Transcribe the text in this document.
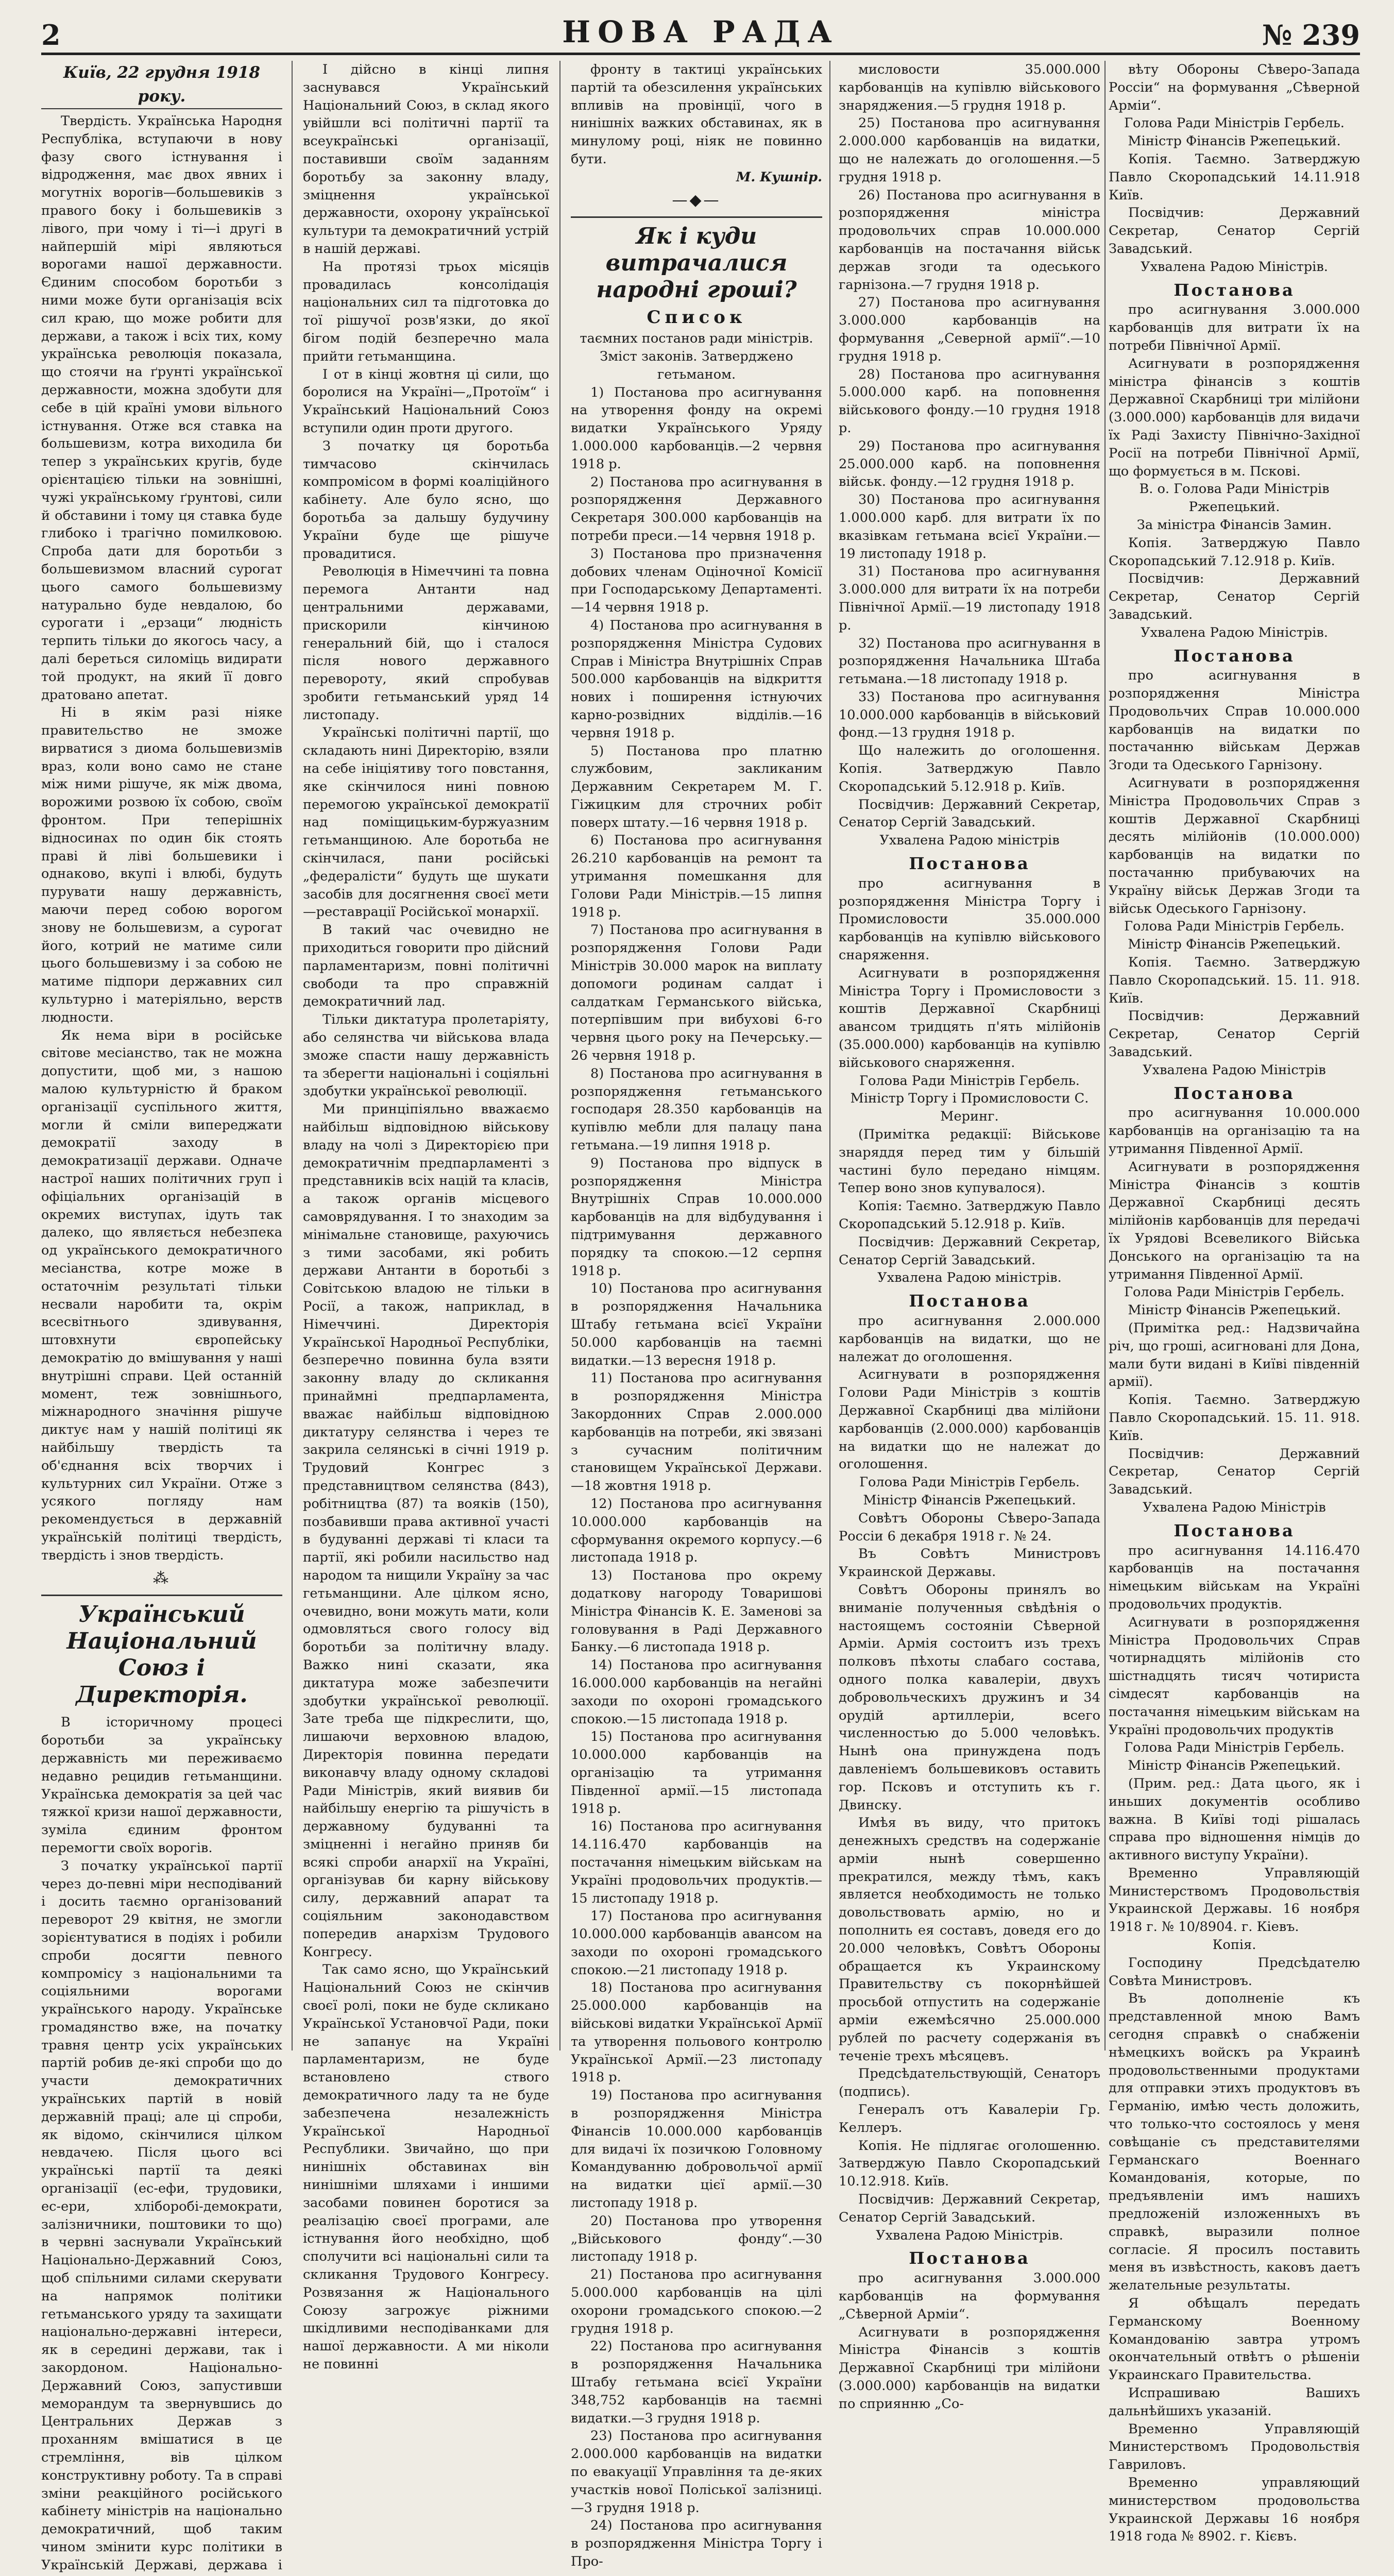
2	НОВА РАДА	№ 239
Київ, 22 грудня 1918 року.

Твердість. Українська Народня Республіка, вступаючи в нову фазу свого істнування і відродження, має двох явних і могутніх ворогів—большевиків з правого боку і большевиків з лівого, при чому і ті—і другі в найпершій мірі являються ворогами нашої державности. Єдиним способом боротьби з ними може бути організація всіх сил краю, що може робити для держави, а також і всіх тих, кому українська революція показала, що стоячи на ґрунті української державности, можна здобути для себе в цій країні умови вільного істнування. Отже вся ставка на большевизм, котра виходила би тепер з українських кругів, буде орієнтацією тільки на зовнішні, чужі українському ґрунтові, сили й обставини і тому ця ставка буде глибоко і трагічно помилковою. Спроба дати для боротьби з большевизмом власний сурогат цього самого большевизму натурально буде невдалою, бо сурогати і „ерзаци“ людність терпить тільки до якогось часу, а далі береться силоміць видирати той продукт, на який її довго дратовано апетат.

Ні в якім разі ніяке правительство не зможе вирватися з диома большевизмів враз, коли воно само не стане між ними рішуче, як між двома, ворожими розвою їх собою, своїм фронтом. При теперішніх відносинах по один бік стоять праві й ліві большевики і однаково, вкупі і влюбі, будуть пурувати нашу державність, маючи перед собою ворогом знову не большевизм, а сурогат його, котрий не матиме сили цього большевизму і за собою не матиме підпори державних сил культурно і матеріяльно, верств людности.

Як нема віри в російське світове месіанство, так не можна допустити, щоб ми, з нашою малою культурністю й браком організації суспільного життя, могли й сміли випереджати демократії заходу в демократизації держави. Одначе настрої наших політичних груп і офіціальних організацій в окремих виступах, ідуть так далеко, що являється небезпека од українського демократичного месіанства, котре може в остаточнім результаті тільки несвали наробити та, окрім всесвітнього здивування, штовхнути європейську демократію до вмішування у наші внутрішні справи. Цей останній момент, теж зовнішнього, міжнародного значіння рішуче диктує нам у нашій політиці як найбільшу твердість та об'єднання всіх творчих і культурних сил України. Отже з усякого погляду нам рекомендується в державній українській політиці твердість, твердість і знов твердість.

⁂
Український Національний Союз і Директорія.

В історичному процесі боротьби за українську державність ми переживаємо недавно рецидив гетьманщини. Українська демократія за цей час тяжкої кризи нашої державности, зуміла єдиним фронтом перемогти своїх ворогів.

З початку української партії через до-певні міри несподіваний і досить таємно організований переворот 29 квітня, не змогли зорієнтуватися в подіях і робили спроби досягти певного компромісу з національними та соціяльними ворогами українського народу. Українське громадянство вже, на початку травня центр усіх українських партій робив де-які спроби що до участи демократичних українських партій в новій державній праці; але ці спроби, як відомо, скінчилися цілком невдачею. Після цього всі українські партії та деякі організації (ес-ефи, трудовики, ес-ери, хліборобі-демократи, залізничники, поштовики то що) в червні заснували Український Національно-Державний Союз, щоб спільними силами скерувати на напрямок політики гетьманського уряду та захищати національно-державні інтереси, як в середині держави, так і закордоном. Національно-Державний Союз, запустивши меморандум та звернувшись до Центральних Держав з проханням вмішатися в це стремління, вів цілком конструктивну роботу. Та в справі зміни реакційного російського кабінету міністрів на національно демократичний, щоб таким чином змінити курс політики в Українській Державі, держава і

І дійсно в кінці липня заснувався Український Національний Союз, в склад якого увійшли всі політичні партії та всеукраїнські організації, поставивши своїм заданням боротьбу за законну владу, зміцнення української державности, охорону української культури та демократичний устрій в нашій державі.

На протязі трьох місяців провадилась консолідація національних сил та підготовка до тої рішучої розв'язки, до якої бігом подій безперечно мала прийти гетьманщина.

І от в кінці жовтня ці сили, що боролися на Україні—„Протоїм“ і Український Національний Союз вступили один проти другого.

З початку ця боротьба тимчасово скінчилась компромісом в формі коаліційного кабінету. Але було ясно, що боротьба за дальшу будучину України буде ще рішуче провадитися.

Революція в Німеччині та повна перемога Антанти над центральними державами, прискорили кінчиною генеральний бій, що і сталося після нового державного перевороту, який спробував зробити гетьманський уряд 14 листопаду.

Українські політичні партії, що складають нині Директорію, взяли на себе ініціятиву того повстання, яке скінчилося нині повною перемогою української демократії над поміщицьким-буржуазним гетьманщиною. Але боротьба не скінчилася, пани російські „федералісти“ будуть ще шукати засобів для досягнення своєї мети—реставрації Російської монархії.

В такий час очевидно не приходиться говорити про дійсний парламентаризм, повні політичні свободи та про справжній демократичний лад.

Тільки диктатура пролетаріяту, або селянства чи військова влада зможе спасти нашу державність та зберегти національні і соціяльні здобутки української революції.

Ми принціпіяльно вважаємо найбільш відповідною військову владу на чолі з Директорією при демократичнім предпарламенті з представників всіх націй та класів, а також органів місцевого самоврядування. І то знаходим за мінімальне становище, рахуючись з тими засобами, які робить держави Антанти в боротьбі з Совітською владою не тільки в Росії, а також, наприклад, в Німеччині. Директорія Української Народньої Республіки, безперечно повинна була взяти законну владу до скликання принаймні предпарламента, вважає найбільш відповідною диктатуру селянства і через те закрила селянські в січні 1919 р. Трудовий Конгрес з представництвом селянства (843), робітництва (87) та вояків (150), позбавивши права активної участі в будуванні державі ті класи та партії, які робили насильство над народом та нищили Україну за час гетьманщини. Але цілком ясно, очевидно, вони можуть мати, коли одмовляться свого голосу від боротьби за політичну владу. Важко нині сказати, яка диктатура може забезпечити здобутки української революції. Зате треба ще підкреслити, що, лишаючи верховною владою, Директорія повинна передати виконавчу владу одному складові Ради Міністрів, який виявив би найбільшу енергію та рішучість в державному будуванні та зміцненні і негайно приняв би всякі спроби анархії на Україні, організував би карну військову силу, державний апарат та соціяльним законодавством попередив анархізм Трудового Конгресу.

Так само ясно, що Український Національний Союз не скінчив своєї ролі, поки не буде скликано Української Установчої Ради, поки не запанує на Україні парламентаризм, не буде встановлено ствого демократичного ладу та не буде забезпечена незалежність Української Народньої Республики. Звичайно, що при нинішніх обставинах він нинішніми шляхами і иншими засобами повинен боротися за реалізацію своєї програми, але істнування його необхідно, щоб сполучити всі національні сили та скликання Трудового Конгресу. Розвязання ж Національного Союзу загрожує ріжними шкідливими несподіванками для нашої державности. А ми ніколи не повинні

фронту в тактиці українських партій та обезсилення українських впливів на провінції, чого в нинішніх важких обставинах, як в минулому році, ніяк не повинно бути.

М. Кушнір.

—◆—
Як і куди витрачалися народні гроші?
Список

таємних постанов ради міністрів. Зміст законів. Затверджено гетьманом.

1) Постанова про асигнування на утворення фонду на окремі видатки Українського Уряду 1.000.000 карбованців.—2 червня 1918 р.

2) Постанова про асигнування в розпорядження Державного Секретаря 300.000 карбованців на потреби преси.—14 червня 1918 р.

3) Постанова про призначення добових членам Оціночної Комісії при Господарському Департаменті.—14 червня 1918 р.

4) Постанова про асигнування в розпорядження Міністра Судових Справ і Міністра Внутрішніх Справ 500.000 карбованців на відкриття нових і поширення істнуючих карно-розвідних відділів.—16 червня 1918 р.

5) Постанова про платню службовим, закликаним Державним Секретарем М. Г. Гіжицким для строчних робіт поверх штату.—16 червня 1918 р.

6) Постанова про асигнування 26.210 карбованців на ремонт та утримання помешкання для Голови Ради Міністрів.—15 липня 1918 р.

7) Постанова про асигнування в розпорядження Голови Ради Міністрів 30.000 марок на виплату допомоги родинам салдат і салдаткам Германського війська, потерпівшим при вибухові 6-го червня цього року на Печерську.—26 червня 1918 р.

8) Постанова про асигнування в розпорядження гетьманського господаря 28.350 карбованців на купівлю мебли для палацу пана гетьмана.—19 липня 1918 р.

9) Постанова про відпуск в розпорядження Міністра Внутрішніх Справ 10.000.000 карбованців на для відбудування і підтримування державного порядку та спокою.—12 серпня 1918 р.

10) Постанова про асигнування в розпорядження Начальника Штабу гетьмана всієї України 50.000 карбованців на таємні видатки.—13 вересня 1918 р.

11) Постанова про асигнування в розпорядження Міністра Закордонних Справ 2.000.000 карбованців на потреби, які звязані з сучасним політичним становищем Української Держави.—18 жовтня 1918 р.

12) Постанова про асигнування 10.000.000 карбованців на сформування окремого корпусу.—6 листопада 1918 р.

13) Постанова про окрему додаткову нагороду Товаришові Міністра Фінансів К. Е. Заменові за головування в Раді Державного Банку.—6 листопада 1918 р.

14) Постанова про асигнування 16.000.000 карбованців на негайні заходи по охороні громадського спокою.—15 листопада 1918 р.

15) Постанова про асигнування 10.000.000 карбованців на організацію та утримання Південної армії.—15 листопада 1918 р.

16) Постанова про асигнування 14.116.470 карбованців на постачання німецьким військам на Україні продовольчих продуктів.—15 листопаду 1918 р.

17) Постанова про асигнування 10.000.000 карбованців авансом на заходи по охороні громадського спокою.—21 листопаду 1918 р.

18) Постанова про асигнування 25.000.000 карбованців на військові видатки Української Армії та утворення польового контролю Української Армії.—23 листопаду 1918 р.

19) Постанова про асигнування в розпорядження Міністра Фінансів 10.000.000 карбованців для видачі їх позичкою Головному Командуванню добровольчої армії на видатки цієї армії.—30 листопаду 1918 р.

20) Постанова про утворення „Військового фонду“.—30 листопаду 1918 р.

21) Постанова про асигнування 5.000.000 карбованців на цілі охорони громадського спокою.—2 грудня 1918 р.

22) Постанова про асигнування в розпорядження Начальника Штабу гетьмана всієї України 348,752 карбованців на таємні видатки.—3 грудня 1918 р.

23) Постанова про асигнування 2.000.000 карбованців на видатки по евакуації Управління та де-яких участків нової Поліської залізниці.—3 грудня 1918 р.

24) Постанова про асигнування в розпорядження Міністра Торгу і Про-

мисловости 35.000.000 карбованців на купівлю військового знаряджения.—5 грудня 1918 р.

25) Постанова про асигнування 2.000.000 карбованців на видатки, що не належать до оголошення.—5 грудня 1918 р.

26) Постанова про асигнування в розпорядження міністра продовольчих справ 10.000.000 карбованців на постачання військ держав згоди та одеського гарнізона.—7 грудня 1918 р.

27) Постанова про асигнування 3.000.000 карбованців на формування „Северной армії“.—10 грудня 1918 р.

28) Постанова про асигнування 5.000.000 карб. на поповнення військового фонду.—10 грудня 1918 р.

29) Постанова про асигнування 25.000.000 карб. на поповнення військ. фонду.—12 грудня 1918 р.

30) Постанова про асигнування 1.000.000 карб. для витрати їх по вказівкам гетьмана всієї України.—19 листопаду 1918 р.

31) Постанова про асигнування 3.000.000 для витрати їх на потреби Північної Армії.—19 листопаду 1918 р.

32) Постанова про асигнування в розпорядження Начальника Штаба гетьмана.—18 листопаду 1918 р.

33) Постанова про асигнування 10.000.000 карбованців в військовий фонд.—13 грудня 1918 р.

Що належить до оголошення. Копія. Затверджую Павло Скоропадський 5.12.918 р. Київ.

Посвідчив: Державний Секретар, Сенатор Сергій Завадський.

Ухвалена Радою міністрів

Постанова

про асигнування в розпорядження Міністра Торгу і Промисловости 35.000.000 карбованців на купівлю військового снаряження.

Асигнувати в розпорядження Міністра Торгу і Промисловости з коштів Державної Скарбниці авансом тридцять п'ять мілійонів (35.000.000) карбованців на купівлю військового снаряження.

Голова Ради Міністрів Гербель.

Міністр Торгу і Промисловости С. Меринг.

(Примітка редакції: Військове знаряддя перед тим у більшій частині було передано німцям. Тепер воно знов купувалося).

Копія: Таємно. Затверджую Павло Скоропадський 5.12.918 р. Київ.

Посвідчив: Державний Секретар, Сенатор Сергій Завадський.

Ухвалена Радою міністрів.

Постанова

про асигнування 2.000.000 карбованців на видатки, що не належат до оголошення.

Асигнувати в розпорядження Голови Ради Міністрів з коштів Державної Скарбниці два мілійони карбованців (2.000.000) карбованців на видатки що не належат до оголошення.

Голова Ради Міністрів Гербель.

Міністр Фінансів Ржепецький.

Совѣтъ Обороны Сѣверо-Запада Россіи 6 декабря 1918 г. № 24.

Въ Совѣтъ Министровъ Украинской Державы.

Совѣтъ Обороны принялъ во вниманіе полученныя свѣдѣнія о настоящемъ состояніи Сѣверной Арміи. Армія состоитъ изъ трехъ полковъ пѣхоты слабаго состава, одного полка кавалеріи, двухъ добровольческихъ дружинъ и 34 орудій артиллеріи, всего численностью до 5.000 человѣкъ. Нынѣ она принуждена подъ давленіемъ большевиковъ оставить гор. Псковъ и отступить къ г. Двинску.

Имѣя въ виду, что притокъ денежныхъ средствъ на содержаніе арміи нынѣ совершенно прекратился, между тѣмъ, какъ является необходимость не только довольствовать армію, но и пополнить ея составъ, доведя его до 20.000 человѣкъ, Совѣтъ Обороны обращается къ Украинскому Правительству съ покорнѣйшей просьбой отпустить на содержаніе арміи ежемѣсячно 25.000.000 рублей по расчету содержанія въ теченіе трехъ мѣсяцевъ.

Предсѣдательствующій, Сенаторъ (подпись).

Генералъ отъ Кавалеріи Гр. Келлеръ.

Копія. Не підлягає оголошенню. Затверджую Павло Скоропадський 10.12.918. Київ.

Посвідчив: Державний Секретар, Сенатор Сергій Завадський.

Ухвалена Радою Міністрів.

Постанова

про асигнування 3.000.000 карбованців на формування „Сѣверной Арміи“.

Асигнувати в розпорядження Міністра Фінансів з коштів Державної Скарбниці три мілійони (3.000.000) карбованців на видатки по сприянню „Со-

вѣту Обороны Сѣверо-Запада Россіи“ на формування „Сѣверной Арміи“.

Голова Ради Міністрів Гербель.

Міністр Фінансів Ржепецький.

Копія. Таємно. Затверджую Павло Скоропадський 14.11.918 Київ.

Посвідчив: Державний Секретар, Сенатор Сергій Завадський.

Ухвалена Радою Міністрів.

Постанова

про асигнування 3.000.000 карбованців для витрати їх на потреби Північної Армії.

Асигнувати в розпорядження міністра фінансів з коштів Державної Скарбниці три мілійони (3.000.000) карбованців для видачи їх Раді Захисту Північно-Західної Росії на потреби Північної Армії, що формується в м. Пскові.

В. о. Голова Ради Міністрів Ржепецький.

За міністра Фінансів Замин.

Копія. Затверджую Павло Скоропадський 7.12.918 р. Київ.

Посвідчив: Державний Секретар, Сенатор Сергій Завадський.

Ухвалена Радою Міністрів.

Постанова

про асигнування в розпорядження Міністра Продовольчих Справ 10.000.000 карбованців на видатки по постачанню військам Держав Згоди та Одеського Гарнізону.

Асигнувати в розпорядження Міністра Продовольчих Справ з коштів Державної Скарбниці десять мілійонів (10.000.000) карбованців на видатки по постачанню прибуваючих на Україну військ Держав Згоди та військ Одеського Гарнізону.

Голова Ради Міністрів Гербель.

Міністр Фінансів Ржепецький.

Копія. Таємно. Затверджую Павло Скоропадський. 15. 11. 918. Київ.

Посвідчив: Державний Секретар, Сенатор Сергій Завадський.

Ухвалена Радою Міністрів

Постанова

про асигнування 10.000.000 карбованців на організацію та на утримання Південної Армії.

Асигнувати в розпорядження Міністра Фінансів з коштів Державної Скарбниці десять мілійонів карбованців для передачі їх Урядові Всевеликого Війська Донського на організацію та на утримання Південної Армії.

Голова Ради Міністрів Гербель.

Міністр Фінансів Ржепецький.

(Примітка ред.: Надзвичайна річ, що гроші, асигновані для Дона, мали бути видані в Київі південній армії).

Копія. Таємно. Затверджую Павло Скоропадський. 15. 11. 918. Київ.

Посвідчив: Державний Секретар, Сенатор Сергій Завадський.

Ухвалена Радою Міністрів

Постанова

про асигнування 14.116.470 карбованців на постачання німецьким військам на Україні продовольчих продуктів.

Асигнувати в розпорядження Міністра Продовольчих Справ чотирнадцять мілійонів сто шістнадцять тисяч чотириста сімдесят карбованців на постачання німецьким військам на Україні продовольчих продуктів

Голова Ради Міністрів Гербель.

Міністр Фінансів Ржепецький.

(Прим. ред.: Дата цього, як і иньших документів особливо важна. В Київі тоді рішалась справа про відношення німців до активного виступу України).

Временно Управляющій Министерствомъ Продовольствія Украинской Державы. 16 ноября 1918 г. № 10/8904. г. Кіевъ.

Копія.

Господину Предсѣдателю Совѣта Министровъ.

Въ дополненіе къ представленной мною Вамъ сегодня справкѣ о снабженіи нѣмецкихъ войскъ ра Украинѣ продовольственными продуктами для отправки этихъ продуктовъ въ Германію, имѣю честь доложить, что только-что состоялось у меня совѣщаніе съ представителями Германскаго Военнаго Командованія, которые, по предъявленіи имъ нашихъ предложеній изложенныхъ въ справкѣ, выразили полное согласіе. Я просилъ поставить меня въ извѣстность, каковъ даетъ желательные результаты.

Я обѣщалъ передать Германскому Военному Командованію завтра утромъ окончательный отвѣтъ о рѣшеніи Украинскаго Правительства.

Испрашиваю Вашихъ дальнѣйшихъ указаній.

Временно Управляющій Министерствомъ Продовольствія Гавриловъ.

Временно управляющий министерством продовольства Украинской Державы 16 ноября 1918 года № 8902. г. Кієвъ.
